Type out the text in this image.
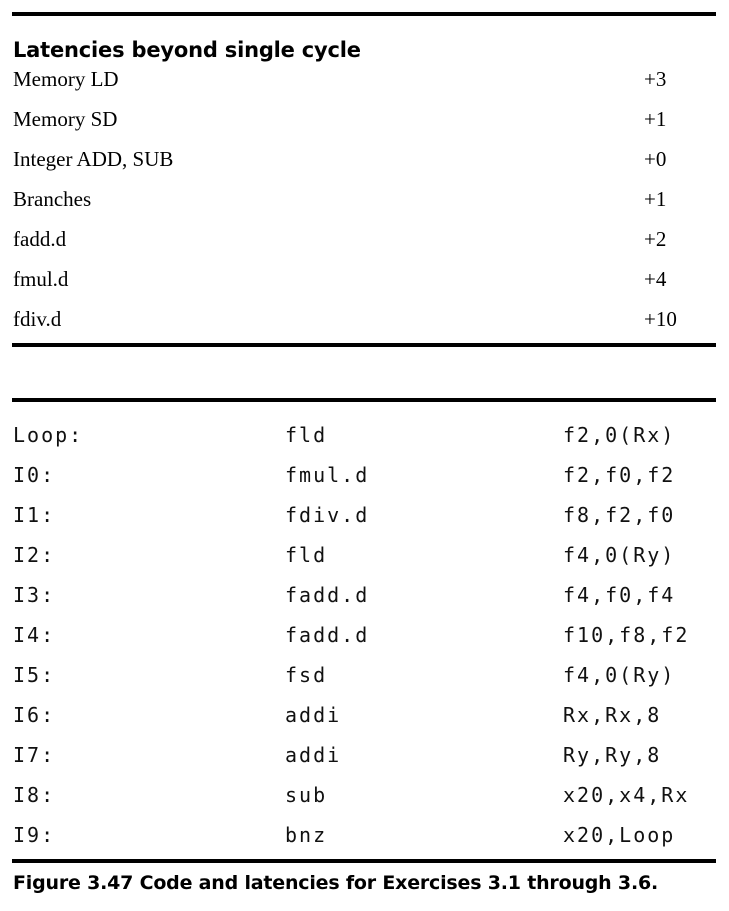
Latencies beyond single cycle
Memory LD	+3
Memory SD	+1
Integer ADD, SUB	+0
Branches	+1
fadd.d	+2
fmul.d	+4
fdiv.d	+10
Loop:	fld	f2,0(Rx)
I0:	fmul.d	f2,f0,f2
I1:	fdiv.d	f8,f2,f0
I2:	fld	f4,0(Ry)
I3:	fadd.d	f4,f0,f4
I4:	fadd.d	f10,f8,f2
I5:	fsd	f4,0(Ry)
I6:	addi	Rx,Rx,8
I7:	addi	Ry,Ry,8
I8:	sub	x20,x4,Rx
I9:	bnz	x20,Loop
Figure 3.47 Code and latencies for Exercises 3.1 through 3.6.
